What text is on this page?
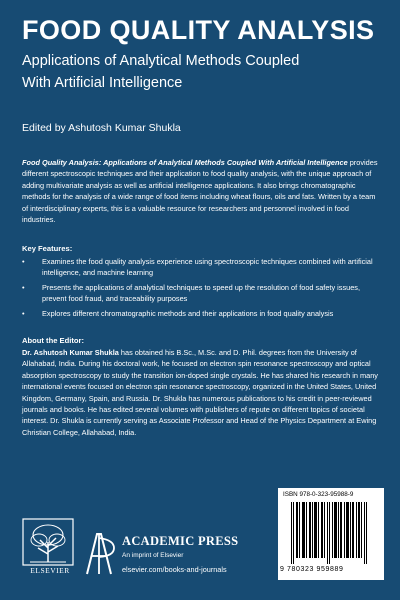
FOOD QUALITY ANALYSIS
Applications of Analytical Methods Coupled
With Artificial Intelligence
Edited by Ashutosh Kumar Shukla

Food Quality Analysis: Applications of Analytical Methods Coupled With Artificial Intelligence provides different spectroscopic techniques and their application to food quality analysis, with the unique approach of adding multivariate analysis as well as artificial intelligence applications. It also brings chromatographic methods for the analysis of a wide range of food items including wheat flours, oils and fats. Written by a team of interdisciplinary experts, this is a valuable resource for researchers and personnel involved in food industries.

Key Features:
• Examines the food quality analysis experience using spectroscopic techniques combined with artificial intelligence, and machine learning
• Presents the applications of analytical techniques to speed up the resolution of food safety issues, prevent food fraud, and traceability purposes
• Explores different chromatographic methods and their applications in food quality analysis
About the Editor:

Dr. Ashutosh Kumar Shukla has obtained his B.Sc., M.Sc. and D. Phil. degrees from the University of Allahabad, India. During his doctoral work, he focused on electron spin resonance spectroscopy and optical absorption spectroscopy to study the transition ion-doped single crystals. He has shared his research in many international events focused on electron spin resonance spectroscopy, organized in the United States, United Kingdom, Germany, Spain, and Russia. Dr. Shukla has numerous publications to his credit in peer-reviewed journals and books. He has edited several volumes with publishers of repute on different topics of societal interest. Dr. Shukla is currently serving as Associate Professor and Head of the Physics Department at Ewing Christian College, Allahabad, India.

ELSEVIER
ACADEMIC PRESS
An imprint of Elsevier
elsevier.com/books-and-journals
ISBN 978-0-323-95988-9
9 780323 959889
